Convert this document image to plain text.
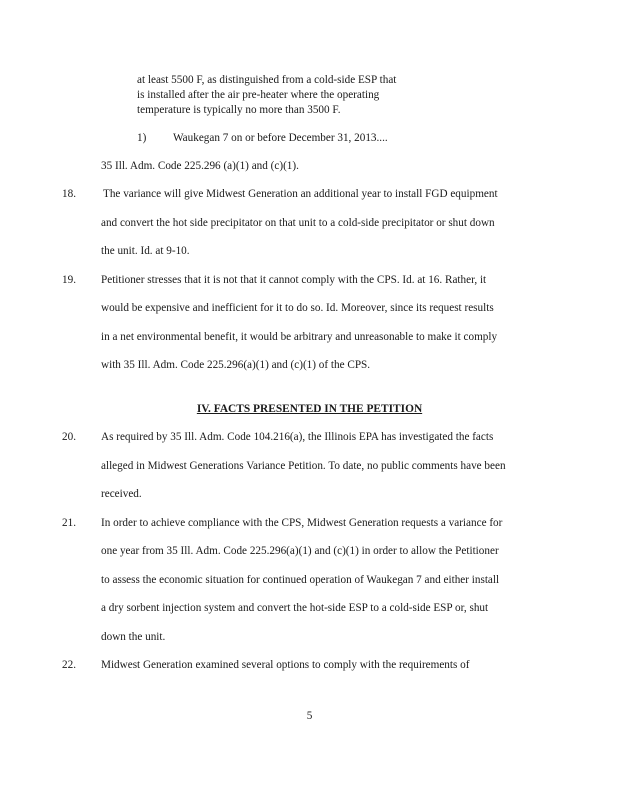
at least 5500 F, as distinguished from a cold-side ESP that
is installed after the air pre-heater where the operating
temperature is typically no more than 3500 F.
1) Waukegan 7 on or before December 31, 2013....
35 Ill. Adm. Code 225.296 (a)(1) and (c)(1).
18. The variance will give Midwest Generation an additional year to install FGD equipment
and convert the hot side precipitator on that unit to a cold-side precipitator or shut down
the unit. Id. at 9-10.
19. Petitioner stresses that it is not that it cannot comply with the CPS. Id. at 16. Rather, it
would be expensive and inefficient for it to do so. Id. Moreover, since its request results
in a net environmental benefit, it would be arbitrary and unreasonable to make it comply
with 35 Ill. Adm. Code 225.296(a)(1) and (c)(1) of the CPS.
IV. FACTS PRESENTED IN THE PETITION
20. As required by 35 Ill. Adm. Code 104.216(a), the Illinois EPA has investigated the facts
alleged in Midwest Generations Variance Petition. To date, no public comments have been
received.
21. In order to achieve compliance with the CPS, Midwest Generation requests a variance for
one year from 35 Ill. Adm. Code 225.296(a)(1) and (c)(1) in order to allow the Petitioner
to assess the economic situation for continued operation of Waukegan 7 and either install
a dry sorbent injection system and convert the hot-side ESP to a cold-side ESP or, shut
down the unit.
22. Midwest Generation examined several options to comply with the requirements of
5
